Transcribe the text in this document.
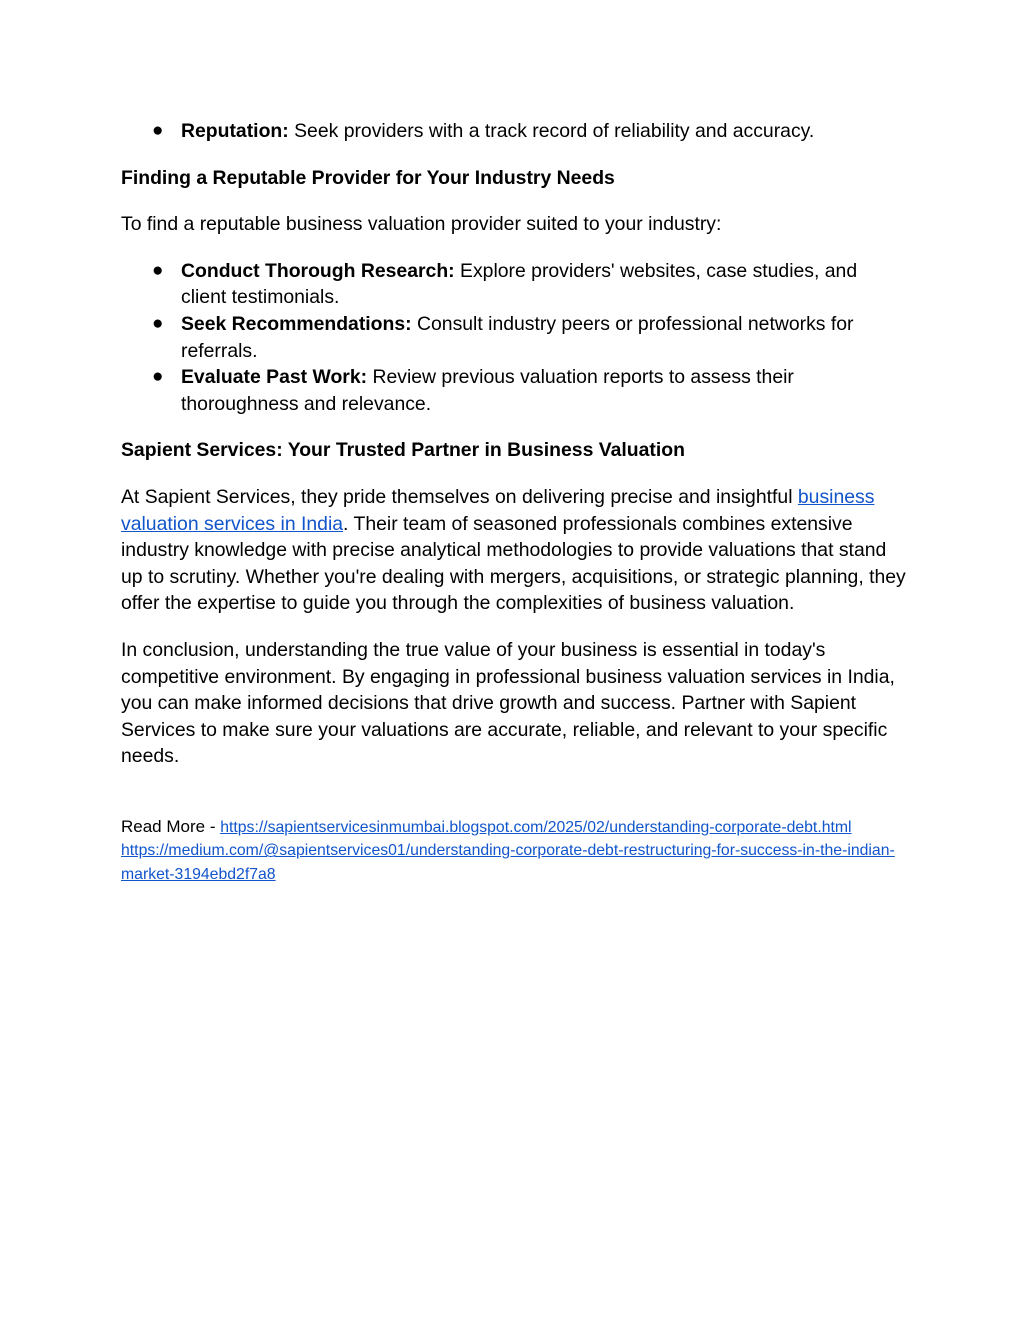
● Reputation: Seek providers with a track record of reliability and accuracy.
Finding a Reputable Provider for Your Industry Needs

To find a reputable business valuation provider suited to your industry:

● Conduct Thorough Research: Explore providers' websites, case studies, and client testimonials.
● Seek Recommendations: Consult industry peers or professional networks for referrals.
● Evaluate Past Work: Review previous valuation reports to assess their thoroughness and relevance.
Sapient Services: Your Trusted Partner in Business Valuation

At Sapient Services, they pride themselves on delivering precise and insightful business valuation services in India. Their team of seasoned professionals combines extensive industry knowledge with precise analytical methodologies to provide valuations that stand up to scrutiny. Whether you're dealing with mergers, acquisitions, or strategic planning, they offer the expertise to guide you through the complexities of business valuation.

In conclusion, understanding the true value of your business is essential in today's competitive environment. By engaging in professional business valuation services in India, you can make informed decisions that drive growth and success. Partner with Sapient Services to make sure your valuations are accurate, reliable, and relevant to your specific needs.

Read More - https://sapientservicesinmumbai.blogspot.com/2025/02/understanding-corporate-debt.html
https://medium.com/@sapientservices01/understanding-corporate-debt-restructuring-for-success-in-the-indian-market-3194ebd2f7a8
